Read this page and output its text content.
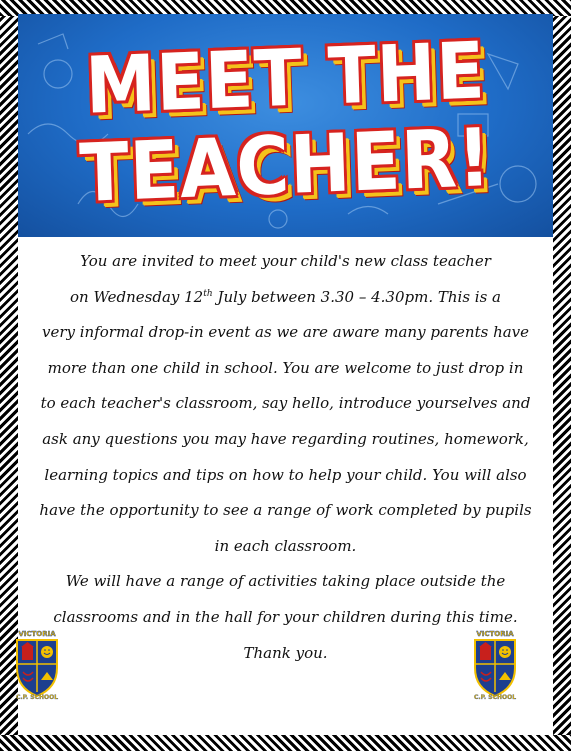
MEET THE
TEACHER!

You are invited to meet your child's new class teacher

on Wednesday 12th July between 3.30 – 4.30pm. This is a

very informal drop-in event as we are aware many parents have

more than one child in school. You are welcome to just drop in

to each teacher's classroom, say hello, introduce yourselves and

ask any questions you may have regarding routines, homework,

learning topics and tips on how to help your child. You will also

have the opportunity to see a range of work completed by pupils

in each classroom.

We will have a range of activities taking place outside the

classrooms and in the hall for your children during this time.

Thank you.

VICTORIA
C.P. SCHOOL
VICTORIA
C.P. SCHOOL
